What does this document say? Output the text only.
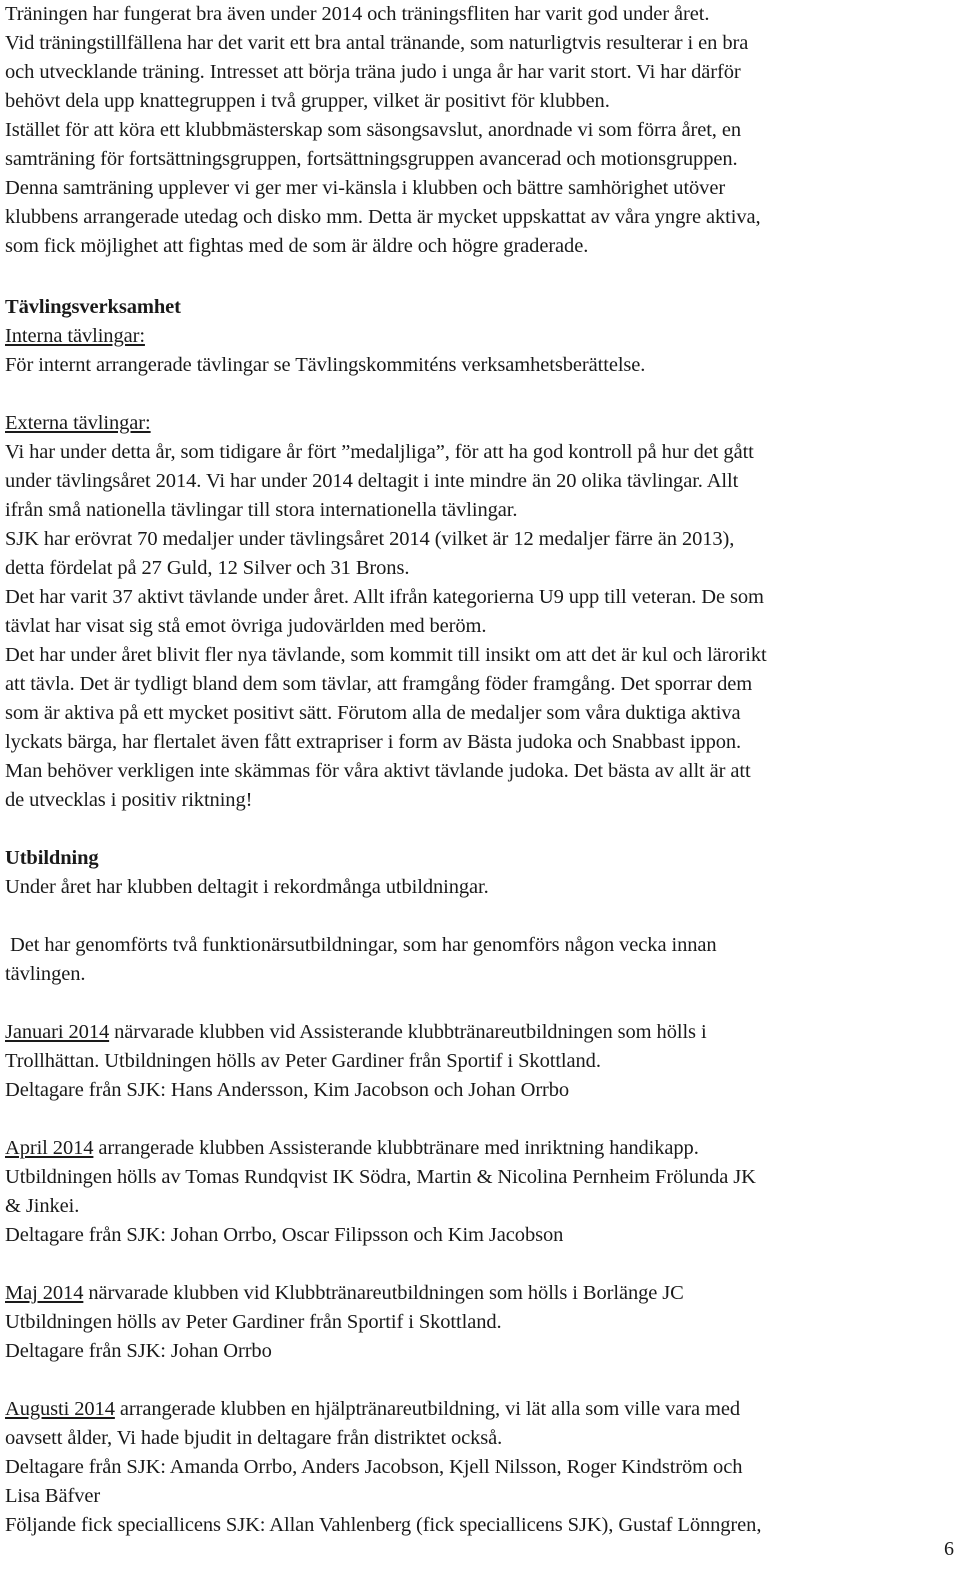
Träningen har fungerat bra även under 2014 och träningsfliten har varit god under året.

Vid träningstillfällena har det varit ett bra antal tränande, som naturligtvis resulterar i en bra

och utvecklande träning. Intresset att börja träna judo i unga år har varit stort. Vi har därför

behövt dela upp knattegruppen i två grupper, vilket är positivt för klubben.

Istället för att köra ett klubbmästerskap som säsongsavslut, anordnade vi som förra året, en

samträning för fortsättningsgruppen, fortsättningsgruppen avancerad och motionsgruppen.

Denna samträning upplever vi ger mer vi-känsla i klubben och bättre samhörighet utöver

klubbens arrangerade utedag och disko mm. Detta är mycket uppskattat av våra yngre aktiva,

som fick möjlighet att fightas med de som är äldre och högre graderade.

Tävlingsverksamhet

Interna tävlingar:

För internt arrangerade tävlingar se Tävlingskommiténs verksamhetsberättelse.

Externa tävlingar:

Vi har under detta år, som tidigare år fört ”medaljliga”, för att ha god kontroll på hur det gått

under tävlingsåret 2014. Vi har under 2014 deltagit i inte mindre än 20 olika tävlingar. Allt

ifrån små nationella tävlingar till stora internationella tävlingar.

SJK har erövrat 70 medaljer under tävlingsåret 2014 (vilket är 12 medaljer färre än 2013),

detta fördelat på 27 Guld, 12 Silver och 31 Brons.

Det har varit 37 aktivt tävlande under året. Allt ifrån kategorierna U9 upp till veteran. De som

tävlat har visat sig stå emot övriga judovärlden med beröm.

Det har under året blivit fler nya tävlande, som kommit till insikt om att det är kul och lärorikt

att tävla. Det är tydligt bland dem som tävlar, att framgång föder framgång. Det sporrar dem

som är aktiva på ett mycket positivt sätt. Förutom alla de medaljer som våra duktiga aktiva

lyckats bärga, har flertalet även fått extrapriser i form av Bästa judoka och Snabbast ippon.

Man behöver verkligen inte skämmas för våra aktivt tävlande judoka. Det bästa av allt är att

de utvecklas i positiv riktning!

Utbildning

Under året har klubben deltagit i rekordmånga utbildningar.

Det har genomförts två funktionärsutbildningar, som har genomförs någon vecka innan

tävlingen.

Januari 2014 närvarade klubben vid Assisterande klubbtränareutbildningen som hölls i

Trollhättan. Utbildningen hölls av Peter Gardiner från Sportif i Skottland.

Deltagare från SJK: Hans Andersson, Kim Jacobson och Johan Orrbo

April 2014 arrangerade klubben Assisterande klubbtränare med inriktning handikapp.

Utbildningen hölls av Tomas Rundqvist IK Södra, Martin & Nicolina Pernheim Frölunda JK

& Jinkei.

Deltagare från SJK: Johan Orrbo, Oscar Filipsson och Kim Jacobson

Maj 2014 närvarade klubben vid Klubbtränareutbildningen som hölls i Borlänge JC

Utbildningen hölls av Peter Gardiner från Sportif i Skottland.

Deltagare från SJK: Johan Orrbo

Augusti 2014 arrangerade klubben en hjälptränareutbildning, vi lät alla som ville vara med

oavsett ålder, Vi hade bjudit in deltagare från distriktet också.

Deltagare från SJK: Amanda Orrbo, Anders Jacobson, Kjell Nilsson, Roger Kindström och

Lisa Bäfver

Följande fick speciallicens SJK: Allan Vahlenberg (fick speciallicens SJK), Gustaf Lönngren,

6
